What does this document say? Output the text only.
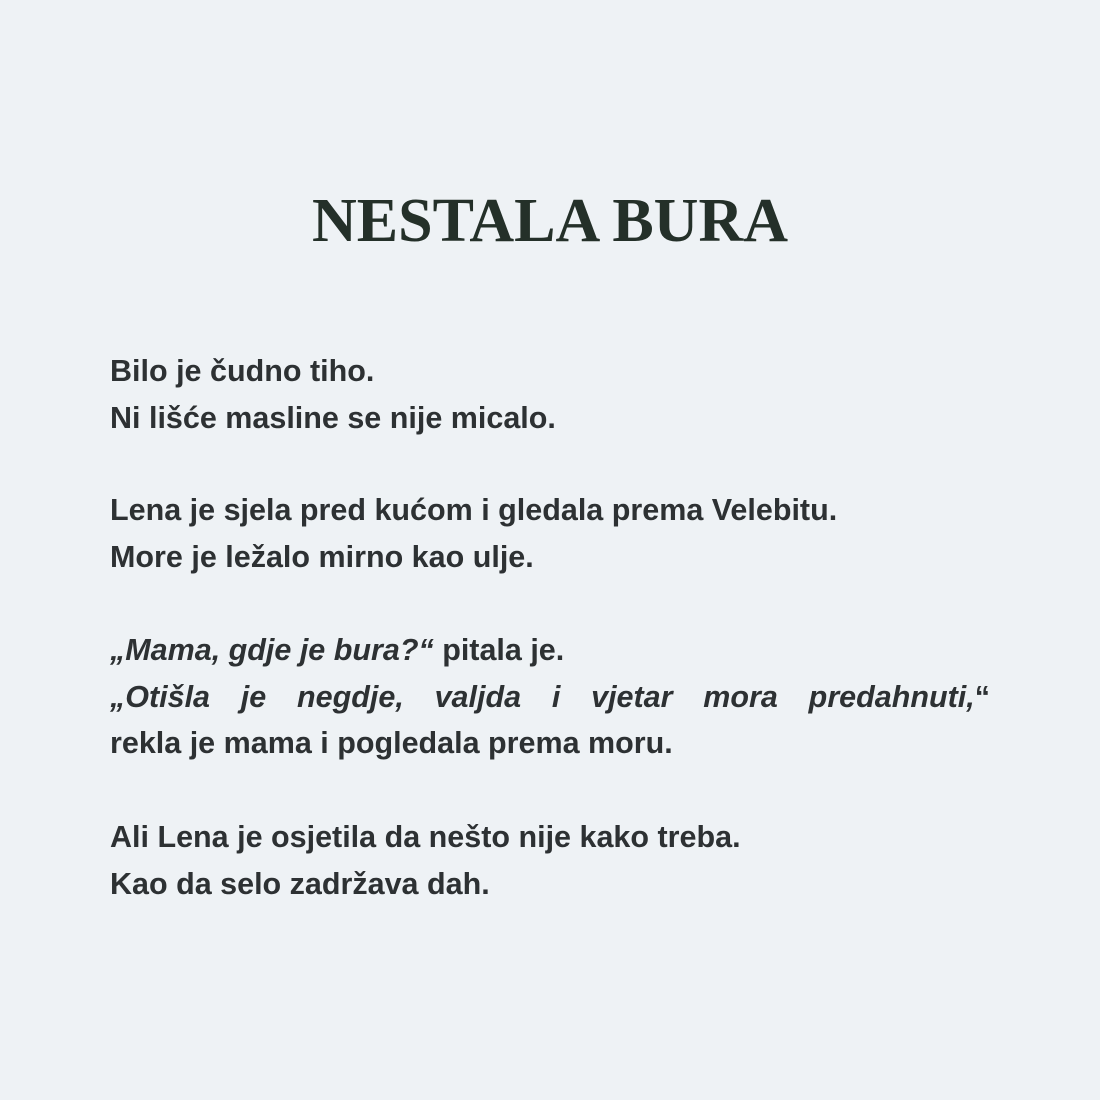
NESTALA BURA
Bilo je čudno tiho.
Ni lišće masline se nije micalo.
Lena je sjela pred kućom i gledala prema Velebitu.
More je ležalo mirno kao ulje.
„Mama, gdje je bura?“ pitala je.
„Otišla je negdje, valjda i vjetar mora predahnuti,“
rekla je mama i pogledala prema moru.
Ali Lena je osjetila da nešto nije kako treba.
Kao da selo zadržava dah.
